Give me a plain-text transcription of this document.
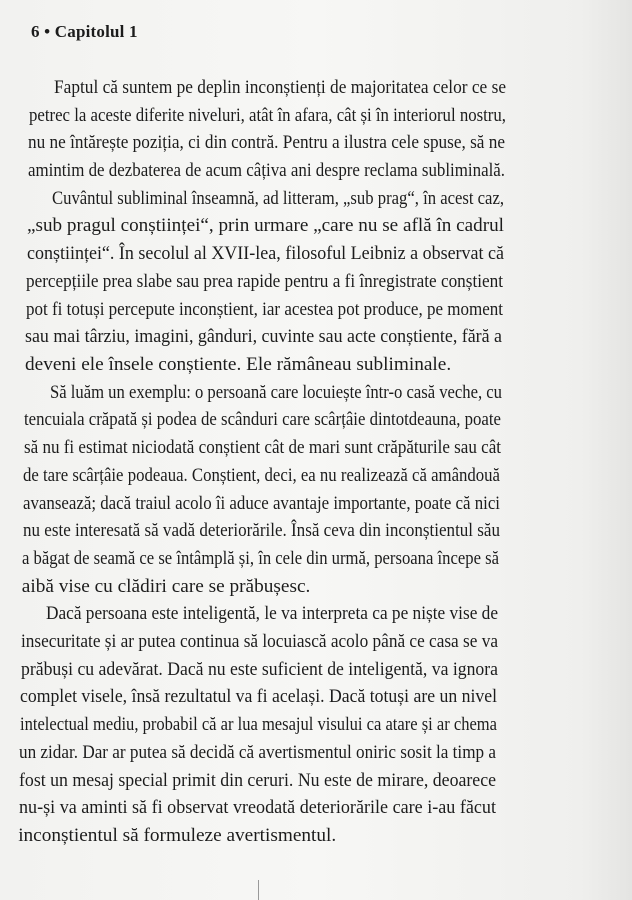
6 • Capitolul 1
Faptul că suntem pe deplin inconștienți de majoritatea celor ce se
petrec la aceste diferite niveluri, atât în afara, cât și în interiorul nostru,
nu ne întărește poziția, ci din contră. Pentru a ilustra cele spuse, să ne
amintim de dezbaterea de acum câțiva ani despre reclama subliminală.
Cuvântul subliminal înseamnă, ad litteram, „sub prag“, în acest caz,
„sub pragul conștiinței“, prin urmare „care nu se află în cadrul
conștiinței“. În secolul al XVII-lea, filosoful Leibniz a observat că
percepțiile prea slabe sau prea rapide pentru a fi înregistrate conștient
pot fi totuși percepute inconștient, iar acestea pot produce, pe moment
sau mai târziu, imagini, gânduri, cuvinte sau acte conștiente, fără a
deveni ele însele conștiente. Ele rămâneau subliminale.
Să luăm un exemplu: o persoană care locuiește într-o casă veche, cu
tencuiala crăpată și podea de scânduri care scârțâie dintotdeauna, poate
să nu fi estimat niciodată conștient cât de mari sunt crăpăturile sau cât
de tare scârțâie podeaua. Conștient, deci, ea nu realizează că amândouă
avansează; dacă traiul acolo îi aduce avantaje importante, poate că nici
nu este interesată să vadă deteriorările. Însă ceva din inconștientul său
a băgat de seamă ce se întâmplă și, în cele din urmă, persoana începe să
aibă vise cu clădiri care se prăbușesc.
Dacă persoana este inteligentă, le va interpreta ca pe niște vise de
insecuritate și ar putea continua să locuiască acolo până ce casa se va
prăbuși cu adevărat. Dacă nu este suficient de inteligentă, va ignora
complet visele, însă rezultatul va fi același. Dacă totuși are un nivel
intelectual mediu, probabil că ar lua mesajul visului ca atare și ar chema
un zidar. Dar ar putea să decidă că avertismentul oniric sosit la timp a
fost un mesaj special primit din ceruri. Nu este de mirare, deoarece
nu-și va aminti să fi observat vreodată deteriorările care i-au făcut
inconștientul să formuleze avertismentul.
